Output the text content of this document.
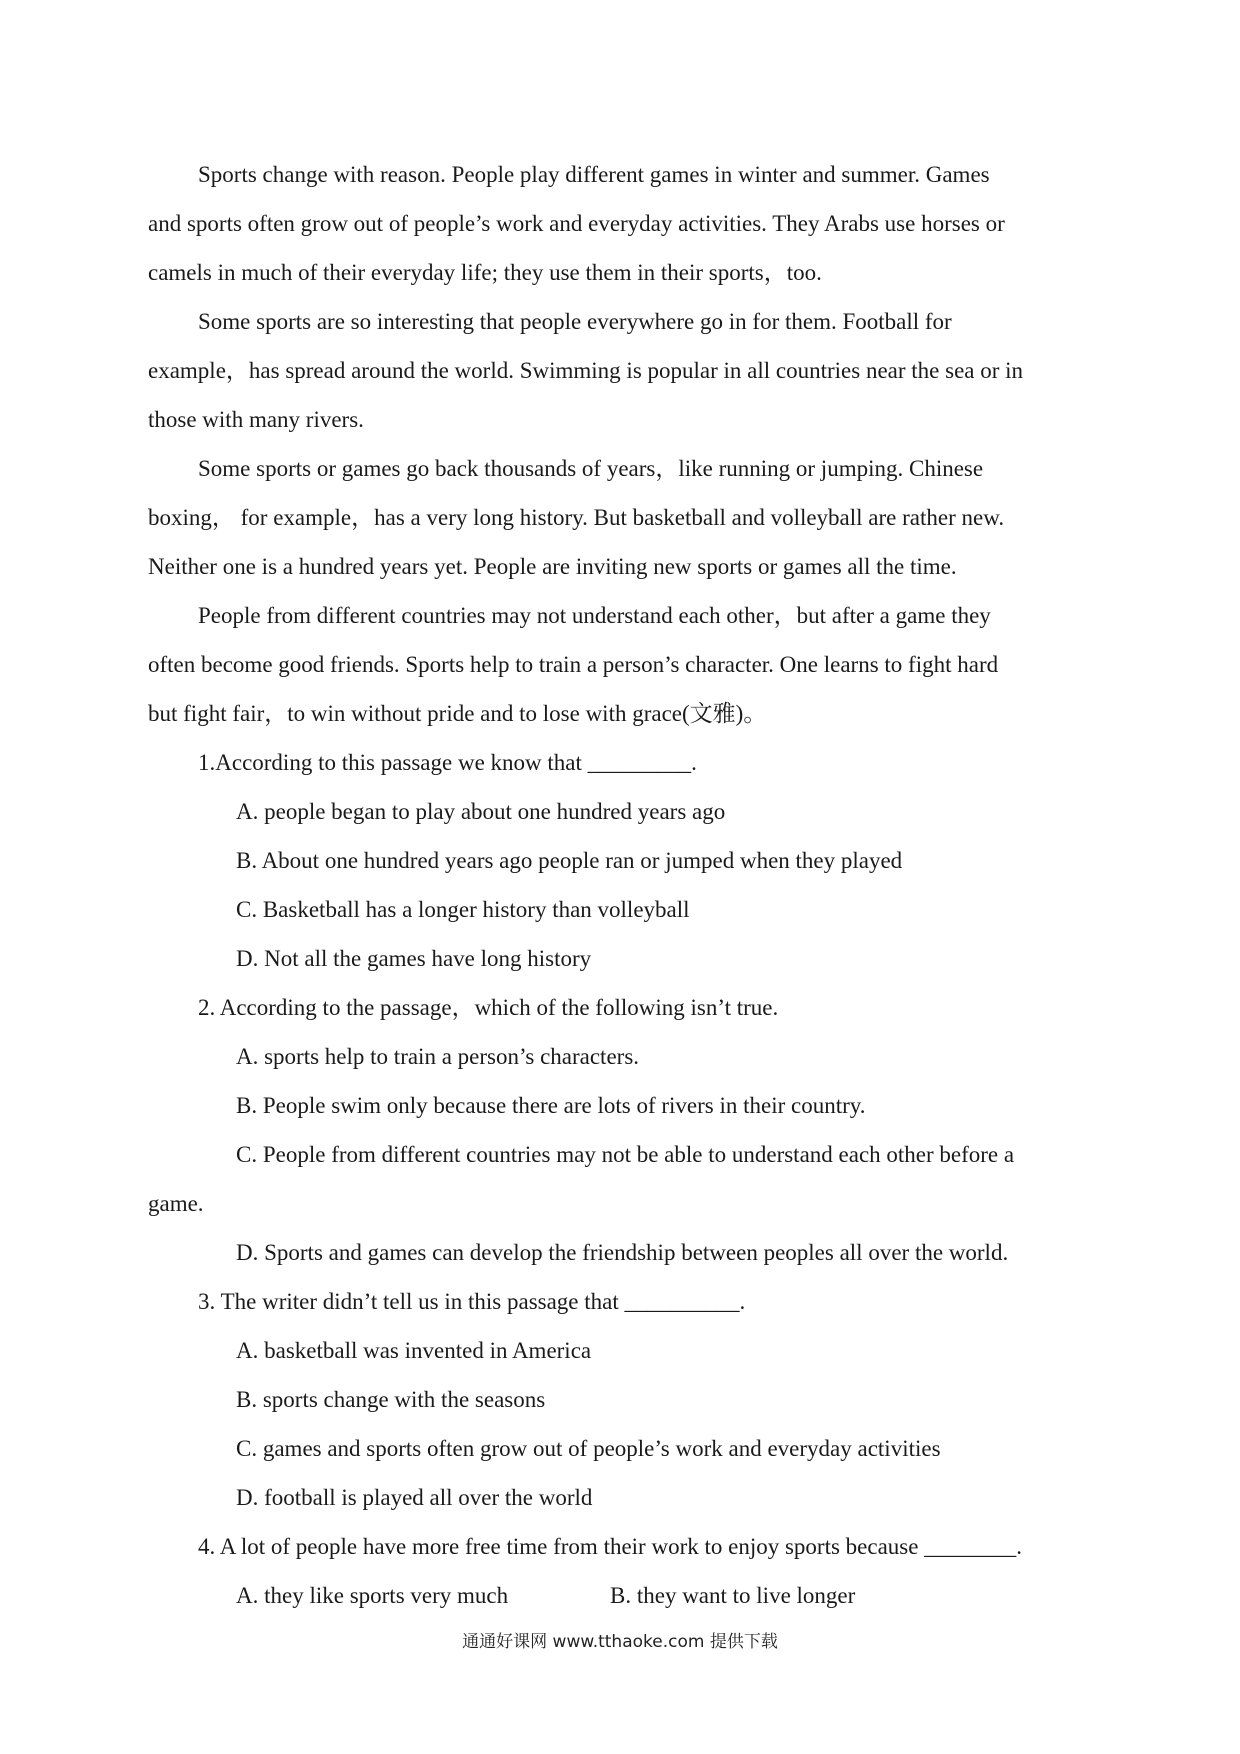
Sports change with reason. People play different games in winter and summer. Games
and sports often grow out of people’s work and everyday activities. They Arabs use horses or
camels in much of their everyday life; they use them in their sports，too.
Some sports are so interesting that people everywhere go in for them. Football for
example，has spread around the world. Swimming is popular in all countries near the sea or in
those with many rivers.
Some sports or games go back thousands of years，like running or jumping. Chinese
boxing， for example，has a very long history. But basketball and volleyball are rather new.
Neither one is a hundred years yet. People are inviting new sports or games all the time.
People from different countries may not understand each other，but after a game they
often become good friends. Sports help to train a person’s character. One learns to fight hard
but fight fair，to win without pride and to lose with grace(文雅)。
1.According to this passage we know that _________.
A. people began to play about one hundred years ago
B. About one hundred years ago people ran or jumped when they played
C. Basketball has a longer history than volleyball
D. Not all the games have long history
2. According to the passage，which of the following isn’t true.
A. sports help to train a person’s characters.
B. People swim only because there are lots of rivers in their country.
C. People from different countries may not be able to understand each other before a
game.
D. Sports and games can develop the friendship between peoples all over the world.
3. The writer didn’t tell us in this passage that __________.
A. basketball was invented in America
B. sports change with the seasons
C. games and sports often grow out of people’s work and everyday activities
D. football is played all over the world
4. A lot of people have more free time from their work to enjoy sports because ________.
A. they like sports very much	B. they want to live longer
通通好课网 www.tthaoke.com 提供下载
